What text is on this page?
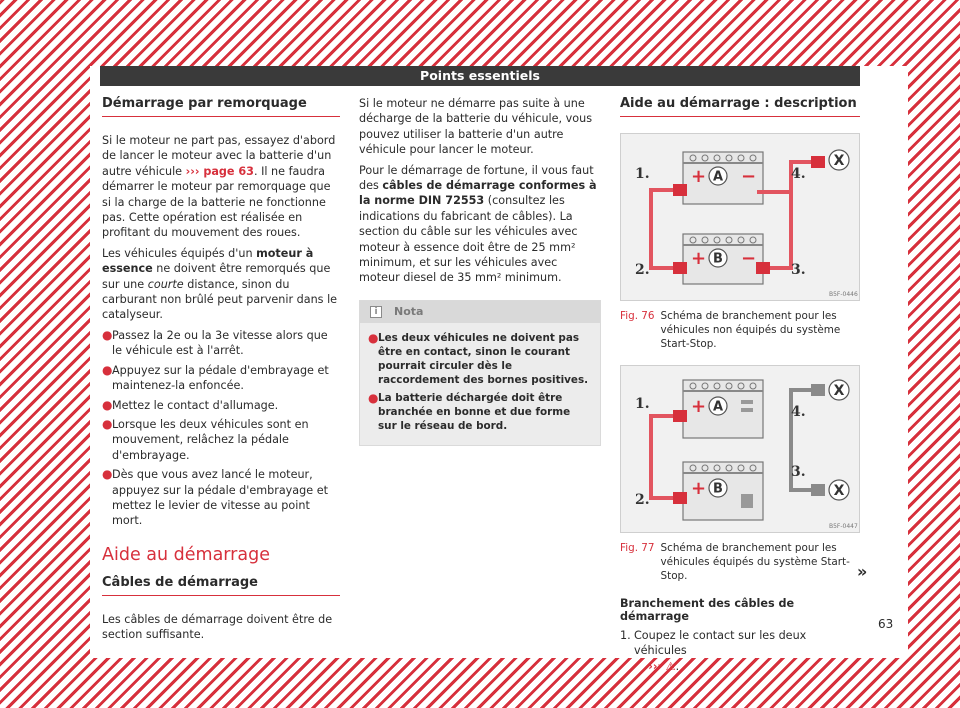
Points essentiels
Démarrage par remorquage

Si le moteur ne part pas, essayez d'abord de lancer le moteur avec la batterie d'un autre véhicule ››› page 63. Il ne faudra démarrer le moteur par remorquage que si la charge de la batterie ne fonctionne pas. Cette opération est réalisée en profitant du mouvement des roues.

Les véhicules équipés d'un moteur à essence ne doivent être remorqués que sur une courte distance, sinon du carburant non brûlé peut parvenir dans le catalyseur.

● Passez la 2e ou la 3e vitesse alors que le véhicule est à l'arrêt.
● Appuyez sur la pédale d'embrayage et maintenez-la enfoncée.
● Mettez le contact d'allumage.
● Lorsque les deux véhicules sont en mouvement, relâchez la pédale d'embrayage.
● Dès que vous avez lancé le moteur, appuyez sur la pédale d'embrayage et mettez le levier de vitesse au point mort.
Aide au démarrage
Câbles de démarrage

Les câbles de démarrage doivent être de section suffisante.

Si le moteur ne démarre pas suite à une décharge de la batterie du véhicule, vous pouvez utiliser la batterie d'un autre véhicule pour lancer le moteur.

Pour le démarrage de fortune, il vous faut des câbles de démarrage conformes à la norme DIN 72553 (consultez les indications du fabricant de câbles). La section du câble sur les véhicules avec moteur à essence doit être de 25 mm² minimum, et sur les véhicules avec moteur diesel de 35 mm² minimum.

i	Nota
● Les deux véhicules ne doivent pas être en contact, sinon le courant pourrait circuler dès le raccordement des bornes positives.
● La batterie déchargée doit être branchée en bonne et due forme sur le réseau de bord.
Aide au démarrage : description
A
+ −
B
+ −
X
1.
2.	3.
4.
B5F-0446
Fig. 76 Schéma de branchement pour les véhicules non équipés du système Start-Stop.
A
+
B
+
X
X
1.
2.
3.
4.
B5F-0447
Fig. 77 Schéma de branchement pour les véhicules équipés du système Start-Stop.
Branchement des câbles de démarrage
1. Coupez le contact sur les deux véhicules
››› ⚠.
»
63
